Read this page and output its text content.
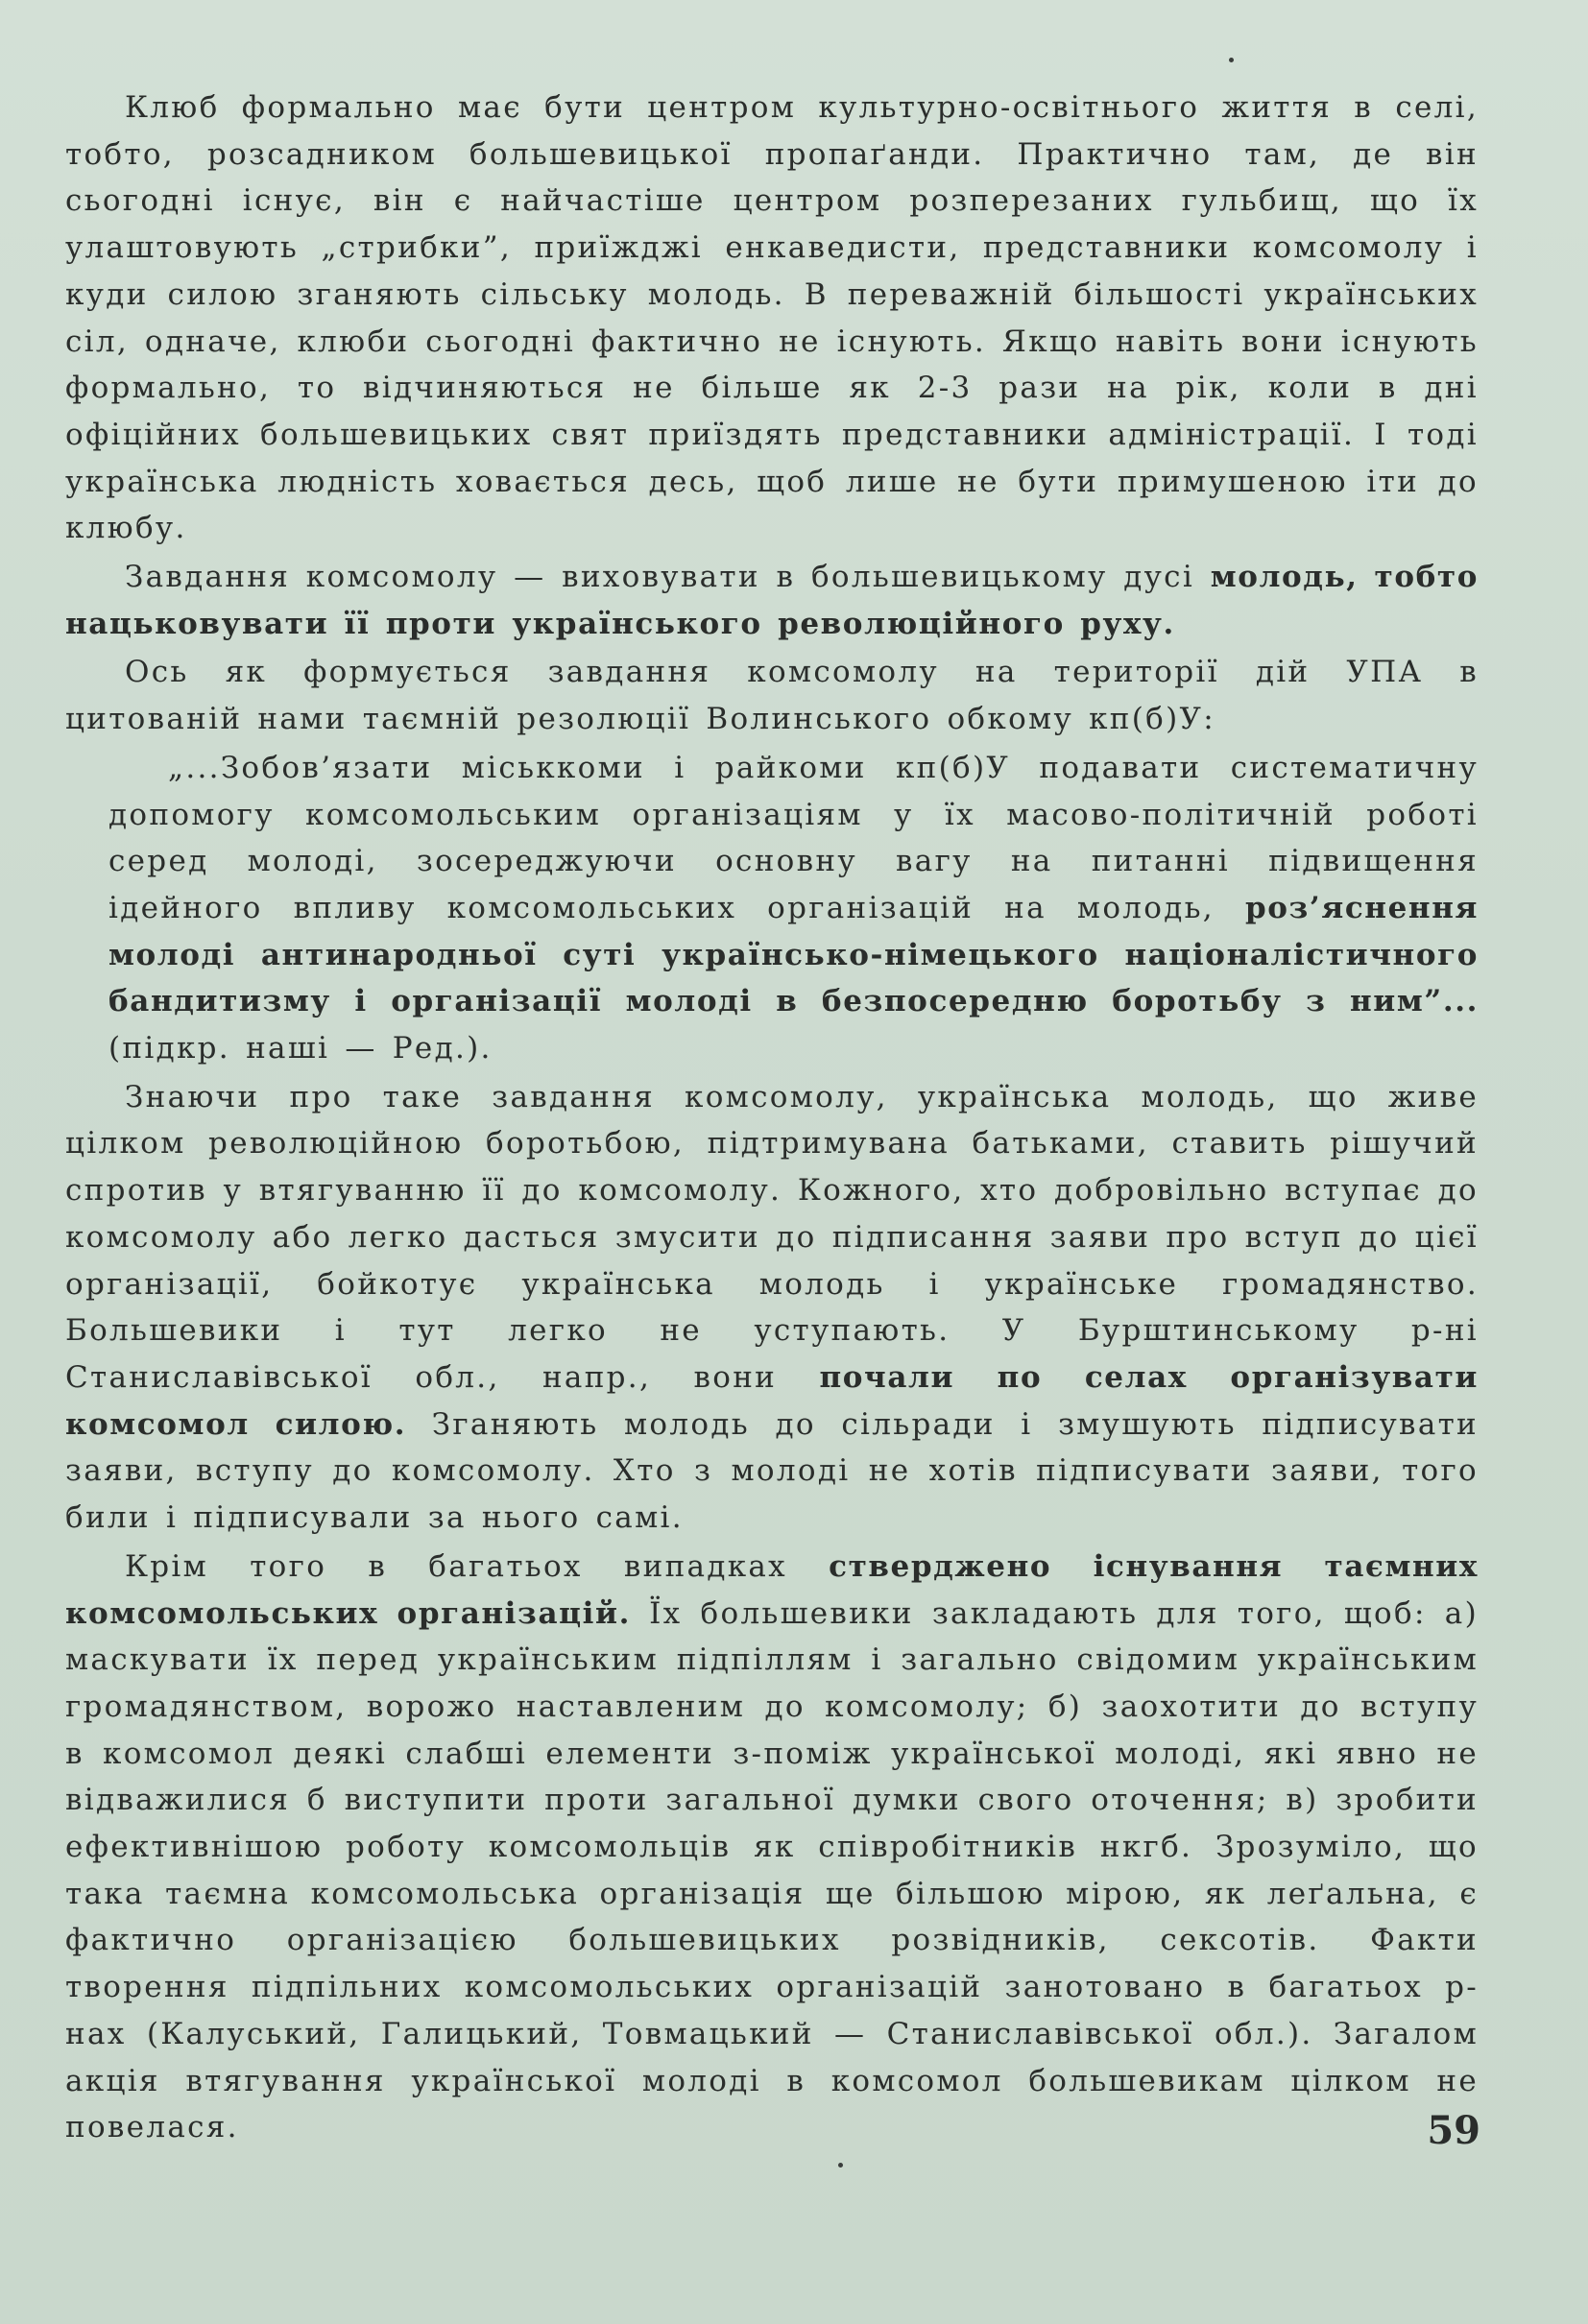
Клюб формально має бути центром культурно-освітнього життя в селі, тобто, розсадником большевицької пропаґанди. Практично там, де він сьогодні існує, він є найчастіше центром розперезаних гульбищ, що їх улаштовують „стрибки”, приїжджі енкаведисти, представники комсомолу і куди силою зганяють сільську молодь. В переважній більшості українських сіл, одначе, клюби сьогодні фактично не існують. Якщо навіть вони існують формально, то відчиняються не більше як 2-3 рази на рік, коли в дні офіційних большевицьких свят приїздять представники адміністрації. І тоді українська людність ховається десь, щоб лише не бути примушеною іти до клюбу.

Завдання комсомолу — виховувати в большевицькому дусі молодь, тобто нацьковувати її проти українського революційного руху.

Ось як формується завдання комсомолу на території дій УПА в цитованій нами таємній резолюції Волинського обкому кп(б)У:

„...Зобов’язати міськкоми і райкоми кп(б)У подавати систематичну допомогу комсомольським організаціям у їх масово-політичній роботі серед молоді, зосереджуючи основну вагу на питанні підвищення ідейного впливу комсомольських організацій на молодь, роз’яснення молоді антинародньої суті українсько-німецького націоналістичного бандитизму і організації молоді в безпосередню боротьбу з ним”... (підкр. наші — Ред.).

Знаючи про таке завдання комсомолу, українська молодь, що живе цілком революційною боротьбою, підтримувана батьками, ставить рішучий спротив у втягуванню її до комсомолу. Кожного, хто добровільно вступає до комсомолу або легко дасться змусити до підписання заяви про вступ до цієї організації, бойкотує українська молодь і українське громадянство. Большевики і тут легко не уступають. У Бурштинському р-ні Станиславівської обл., напр., вони почали по селах організувати комсомол силою. Зганяють молодь до сільради і змушують підписувати заяви, вступу до комсомолу. Хто з молоді не хотів підписувати заяви, того били і підписували за нього самі.

Крім того в багатьох випадках стверджено існування таємних комсомольських організацій. Їх большевики закладають для того, щоб: а) маскувати їх перед українським підпіллям і загально свідомим українським громадянством, ворожо наставленим до комсомолу; б) заохотити до вступу в комсомол деякі слабші елементи з-поміж української молоді, які явно не відважилися б виступити проти загальної думки свого оточення; в) зробити ефективнішою роботу комсомольців як співробітників нкгб. Зрозуміло, що така таємна комсомольська організація ще більшою мірою, як леґальна, є фактично організацією большевицьких розвідників, сексотів. Факти творення підпільних комсомольських організацій занотовано в багатьох р-нах (Калуський, Галицький, Товмацький — Станиславівської обл.). Загалом акція втягування української молоді в комсомол большевикам цілком не повелася.	59
